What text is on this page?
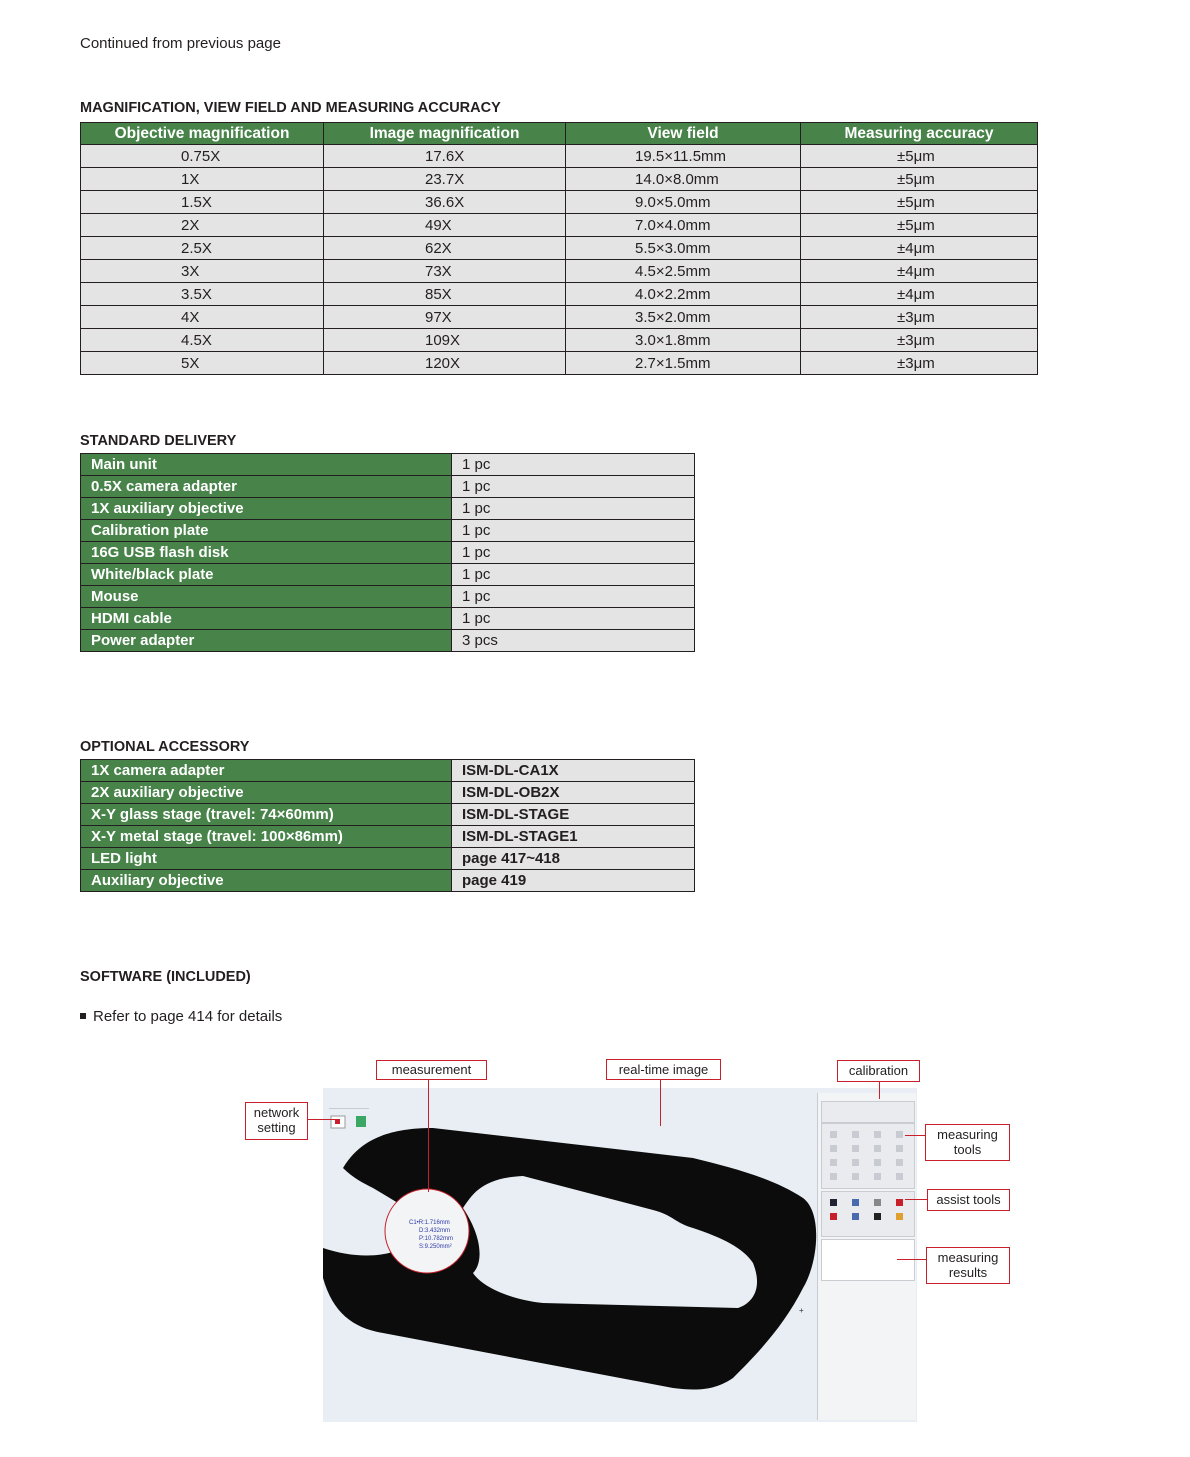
Continued from previous page
MAGNIFICATION, VIEW FIELD AND MEASURING ACCURACY
Objective magnification	Image magnification	View field	Measuring accuracy
0.75X	17.6X	19.5×11.5mm	±5μm
1X	23.7X	14.0×8.0mm	±5μm
1.5X	36.6X	9.0×5.0mm	±5μm
2X	49X	7.0×4.0mm	±5μm
2.5X	62X	5.5×3.0mm	±4μm
3X	73X	4.5×2.5mm	±4μm
3.5X	85X	4.0×2.2mm	±4μm
4X	97X	3.5×2.0mm	±3μm
4.5X	109X	3.0×1.8mm	±3μm
5X	120X	2.7×1.5mm	±3μm
STANDARD DELIVERY
Main unit	1 pc
0.5X camera adapter	1 pc
1X auxiliary objective	1 pc
Calibration plate	1 pc
16G USB flash disk	1 pc
White/black plate	1 pc
Mouse	1 pc
HDMI cable	1 pc
Power adapter	3 pcs
OPTIONAL ACCESSORY
1X camera adapter	ISM-DL-CA1X
2X auxiliary objective	ISM-DL-OB2X
X-Y glass stage (travel: 74×60mm)	ISM-DL-STAGE
X-Y metal stage (travel: 100×86mm)	ISM-DL-STAGE1
LED light	page 417~418
Auxiliary objective	page 419
SOFTWARE (INCLUDED)
Refer to page 414 for details
+
C1•R:1.716mm
D:3.432mm
P:10.782mm
S:9.250mm²
measurement	real-time image	calibration
network setting	measuring tools
assist tools
measuring results
